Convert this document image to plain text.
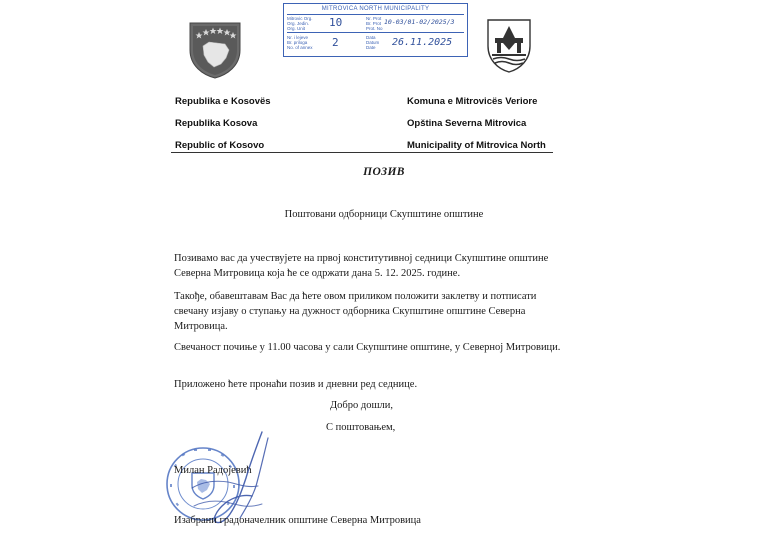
MITROVICA NORTH MUNICIPALITY
Mitrovic Org.
Org. Jedin.
Org. Unit 10	Nr. Prot
Br. Prot
Prot. No
10-03/01-02/2025/3
Nr. i lejeve
Br. priloga
No. of annex 2	Data
Datum
Date 26.11.2025
Republika e Kosovës
Republika Kosova
Republic of Kosovo
Komuna e Mitrovicës Veriore
Opština Severna Mitrovica
Municipality of Mitrovica North
ПОЗИВ
Поштовани одборници Скупштине општине
Позивамо вас да учествујете на првој конститутивној седници Скупштине општине Северна Митровица која ће се одржати дана 5. 12. 2025. године.
Такође, обавештавам Вас да ћете овом приликом положити заклетву и потписати свечану изјаву о ступању на дужност одборника Скупштине општине Северна Митровица.
Свечаност почиње у 11.00 часова у сали Скупштине општине, у Северној Митровици.
Приложено ћете пронаћи позив и дневни ред седнице.
Добро дошли,
С поштовањем,
Милан Радојевић
Изабрани градоначелник општине Северна Митровица
